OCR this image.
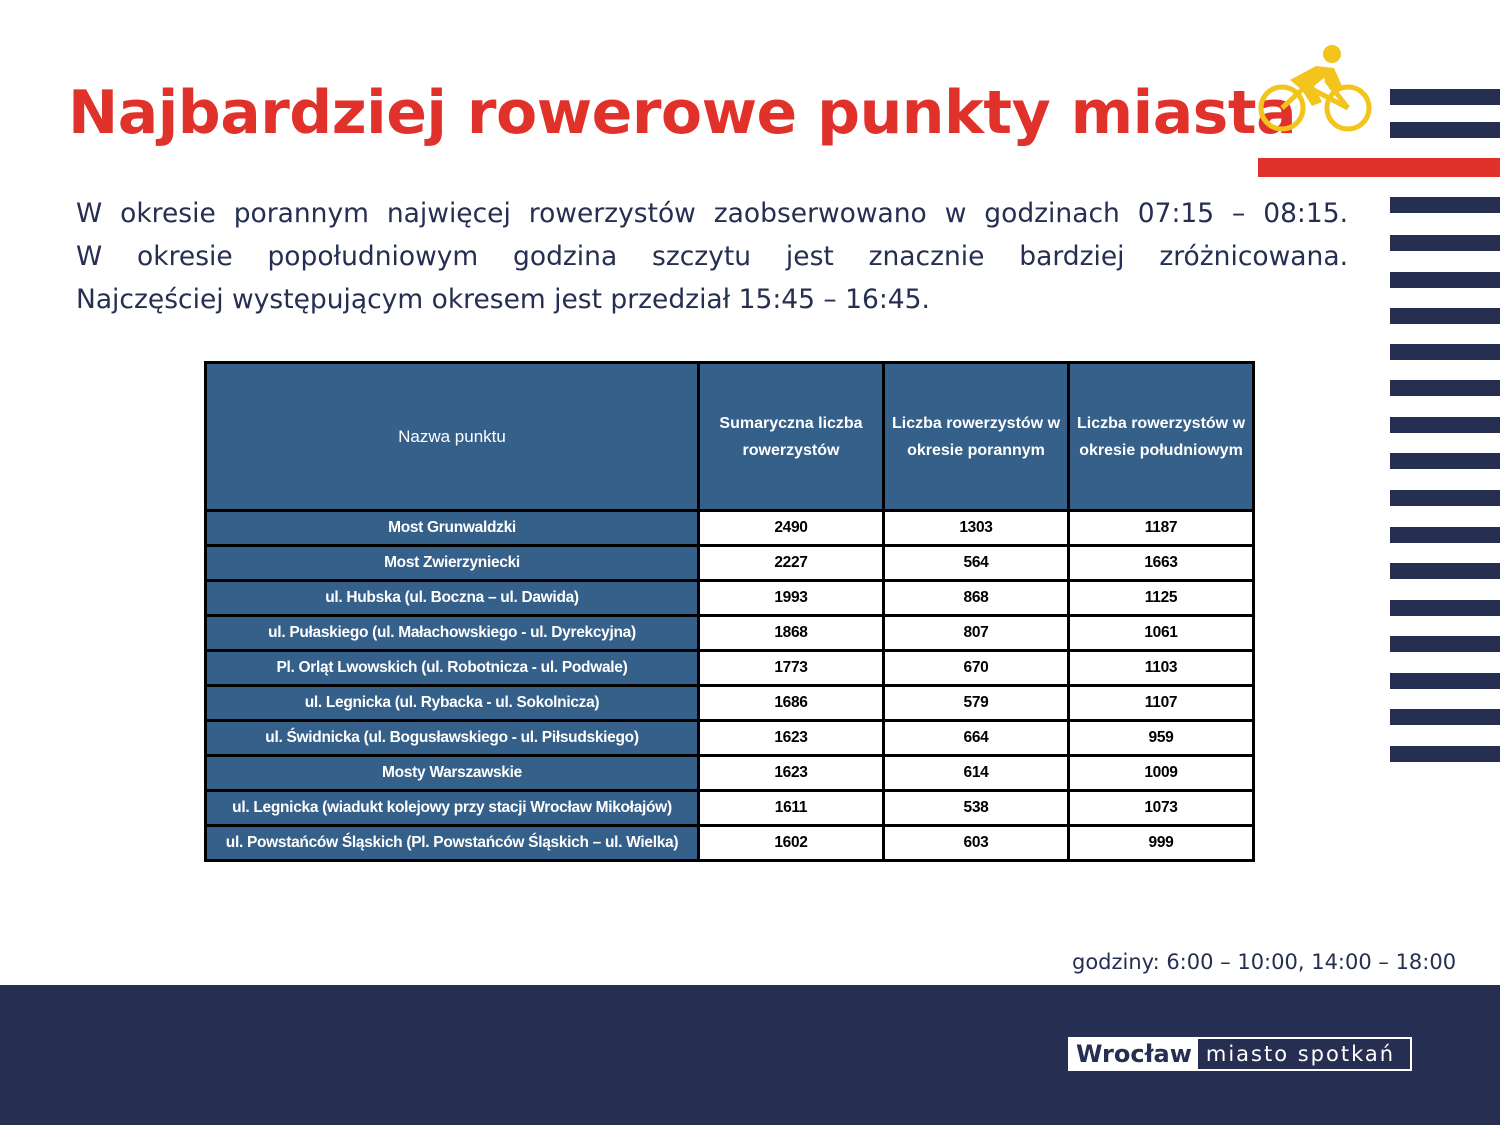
Najbardziej rowerowe punkty miasta
W okresie porannym najwięcej rowerzystów zaobserwowano w godzinach 07:15 – 08:15.
W okresie popołudniowym godzina szczytu jest znacznie bardziej zróżnicowana.
Najczęściej występującym okresem jest przedział 15:45 – 16:45.
Nazwa punktu	Sumaryczna liczba rowerzystów	Liczba rowerzystów w okresie porannym	Liczba rowerzystów w okresie południowym
Most Grunwaldzki	2490	1303	1187
Most Zwierzyniecki	2227	564	1663
ul. Hubska (ul. Boczna – ul. Dawida)	1993	868	1125
ul. Pułaskiego (ul. Małachowskiego - ul. Dyrekcyjna)	1868	807	1061
Pl. Orląt Lwowskich (ul. Robotnicza - ul. Podwale)	1773	670	1103
ul. Legnicka (ul. Rybacka - ul. Sokolnicza)	1686	579	1107
ul. Świdnicka (ul. Bogusławskiego - ul. Piłsudskiego)	1623	664	959
Mosty Warszawskie	1623	614	1009
ul. Legnicka (wiadukt kolejowy przy stacji Wrocław Mikołajów)	1611	538	1073
ul. Powstańców Śląskich (Pl. Powstańców Śląskich – ul. Wielka)	1602	603	999
godziny: 6:00 – 10:00, 14:00 – 18:00
Wrocław miasto spotkań
